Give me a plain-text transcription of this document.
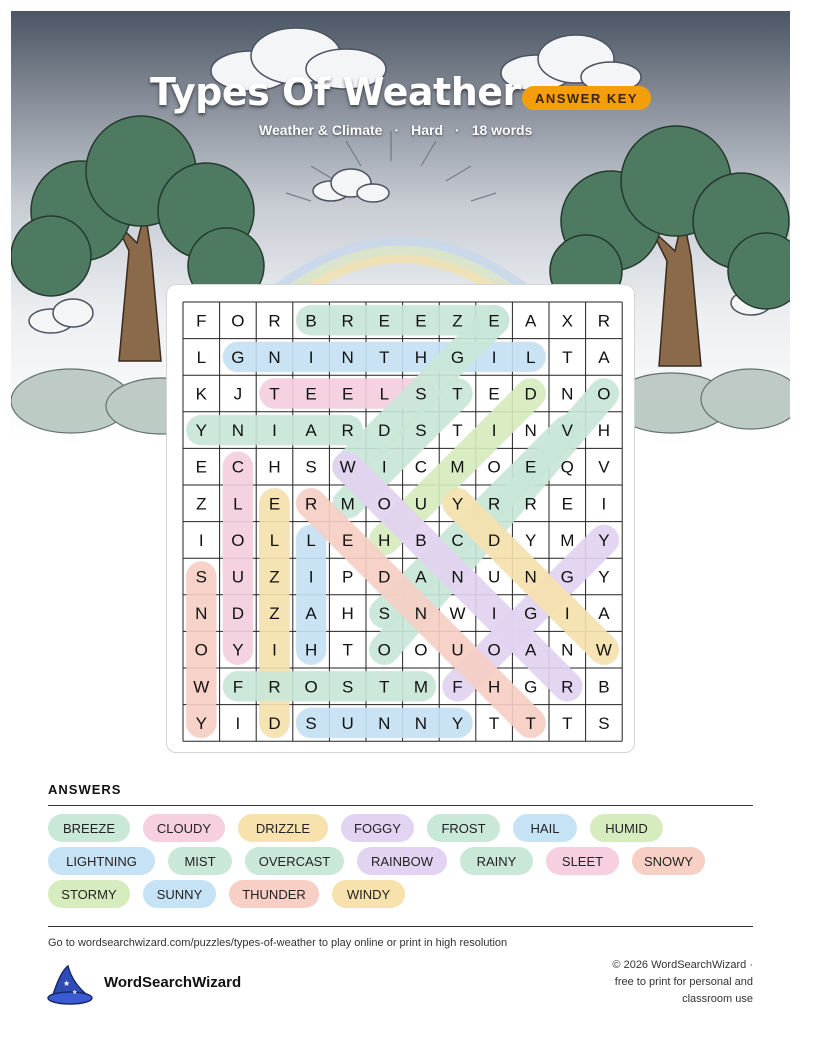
Types Of Weather	ANSWER KEY
Weather & Climate · Hard · 18 words
F O R B R E E Z E A X R
L G N I N T H G I L T A
K J T E E L S T E D N O
Y N I A R D S T I N V H
E C H S W I C M O E Q V
Z L E R M O U Y R R E I
I O L L E H B C D Y M Y
S U Z I P D A N U N G Y
N D Z A H S N W I G I A
O Y I H T O O U O A N W
W F R O S T M F H G R B
Y I D S U N N Y T T T S
ANSWERS
BREEZE	CLOUDY	DRIZZLE	FOGGY	FROST	HAIL	HUMID
LIGHTNING	MIST	OVERCAST	RAINBOW	RAINY	SLEET	SNOWY
STORMY	SUNNY	THUNDER	WINDY
Go to wordsearchwizard.com/puzzles/types-of-weather to play online or print in high resolution
★
★
WordSearchWizard
© 2026 WordSearchWizard ·
free to print for personal and
classroom use
